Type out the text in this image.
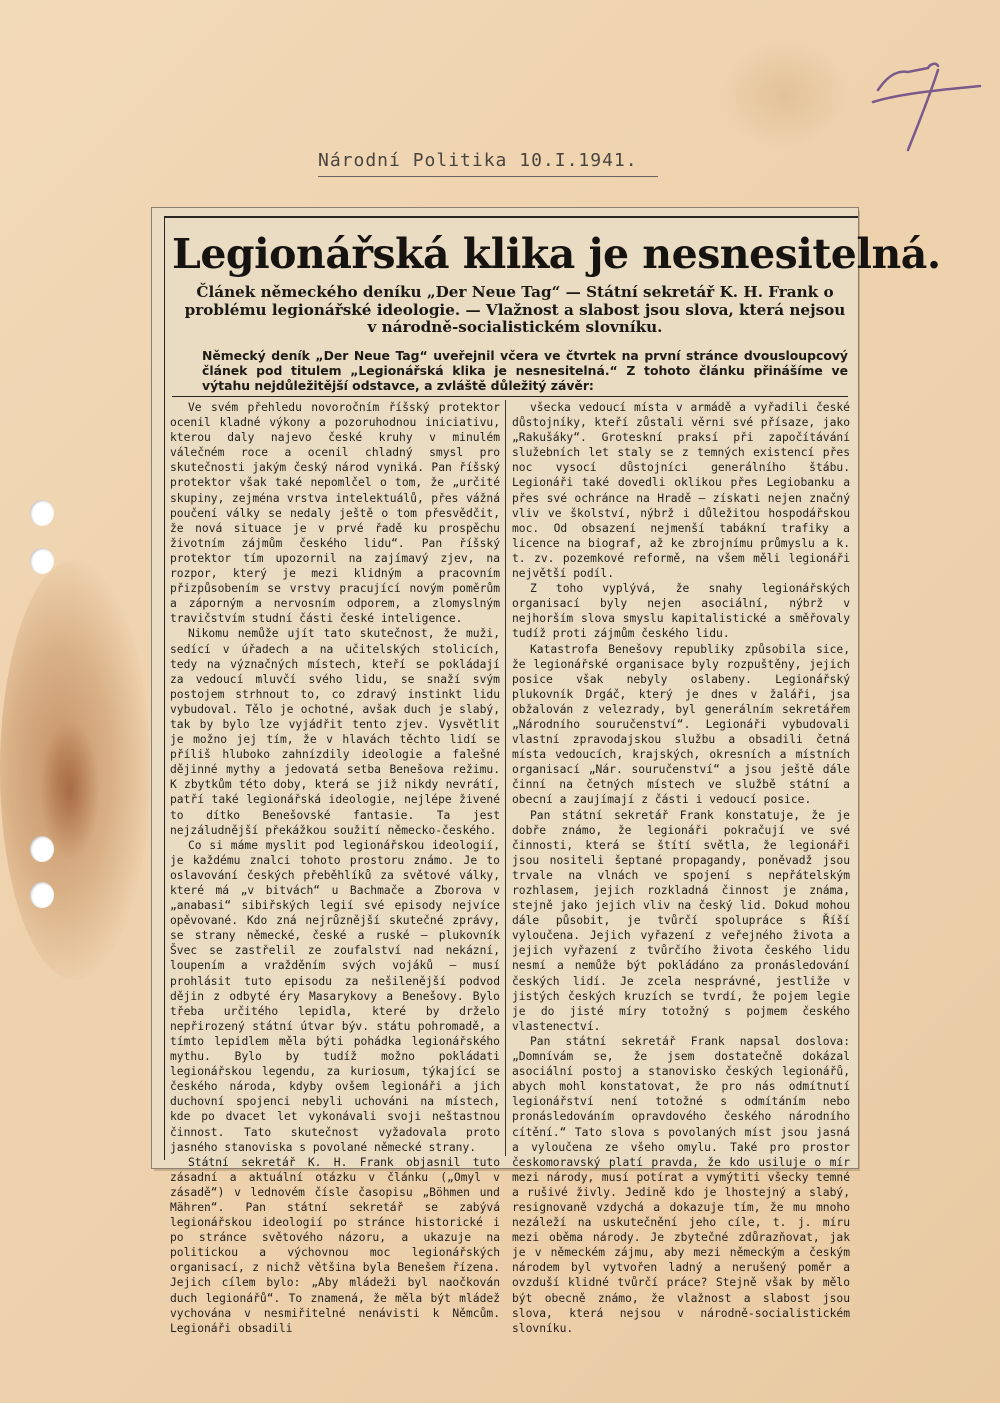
Národní Politika 10.I.1941.
Legionářská klika je nesnesitelná.
Článek německého deníku „Der Neue Tag“ — Státní sekretář K. H. Frank o problému legionářské ideologie. — Vlažnost a slabost jsou slova, která nejsou v národně-socialistickém slovníku.
Německý deník „Der Neue Tag“ uveřejnil včera ve čtvrtek na první stránce dvousloupcový článek pod titulem „Legionářská klika je nesnesitelná.“ Z tohoto článku přinášíme ve výtahu nejdůležitější odstavce, a zvláště důležitý závěr:

Ve svém přehledu novoročním říšský protektor ocenil kladné výkony a pozoruhodnou iniciativu, kterou daly najevo české kruhy v minulém válečném roce a ocenil chladný smysl pro skutečnosti jakým český národ vyniká. Pan říšský protektor však také nepomlčel o tom, že „určité skupiny, zejména vrstva intelektuálů, přes vážná poučení války se nedaly ještě o tom přesvědčit, že nová situace je v prvé řadě ku prospěchu životním zájmům českého lidu“. Pan říšský protektor tím upozornil na zajímavý zjev, na rozpor, který je mezi klidným a pracovním přizpůsobením se vrstvy pracující novým poměrům a záporným a nervosním odporem, a zlomyslným travičstvím studní části české inteligence.

Nikomu nemůže ujít tato skutečnost, že muži, sedící v úřadech a na učitelských stolicích, tedy na význačných místech, kteří se pokládají za vedoucí mluvčí svého lidu, se snaží svým postojem strhnout to, co zdravý instinkt lidu vybudoval. Tělo je ochotné, avšak duch je slabý, tak by bylo lze vyjádřit tento zjev. Vysvětlit je možno jej tím, že v hlavách těchto lidí se příliš hluboko zahnízdily ideologie a falešné dějinné mythy a jedovatá setba Benešova režimu. K zbytkům této doby, která se již nikdy nevrátí, patří také legionářská ideologie, nejlépe živené to dítko Benešovské fantasie. Ta jest nejzáludnější překážkou soužití německo-českého.

Co si máme myslit pod legionářskou ideologií, je každému znalci tohoto prostoru známo. Je to oslavování českých přeběhlíků za světové války, které má „v bitvách“ u Bachmače a Zborova v „anabasi“ sibiřských legií své episody nejvíce opěvované. Kdo zná nejrůznější skutečné zprávy, se strany německé, české a ruské — plukovník Švec se zastřelil ze zoufalství nad nekázní, loupením a vražděním svých vojáků — musí prohlásit tuto episodu za nešilenější podvod dějin z odbyté éry Masarykovy a Benešovy. Bylo třeba určitého lepidla, které by drželo nepřirozený státní útvar býv. státu pohromadě, a tímto lepidlem měla býti pohádka legionářského mythu. Bylo by tudíž možno pokládati legionářskou legendu, za kuriosum, týkající se českého národa, kdyby ovšem legionáři a jich duchovní spojenci nebyli uchováni na místech, kde po dvacet let vykonávali svoji neštastnou činnost. Tato skutečnost vyžadovala proto jasného stanoviska s povolané německé strany.

Státní sekretář K. H. Frank objasnil tuto zásadní a aktuální otázku v článku („Omyl v zásadě“) v lednovém čísle časopisu „Böhmen und Mähren“. Pan státní sekretář se zabývá legionářskou ideologií po stránce historické i po stránce světového názoru, a ukazuje na politickou a výchovnou moc legionářských organisací, z nichž většina byla Benešem řízena. Jejich cílem bylo: „Aby mládeži byl naočkován duch legionářů“. To znamená, že měla být mládež vychována v nesmiřitelné nenávisti k Němcům. Legionáři obsadili

všecka vedoucí místa v armádě a vyřadili české důstojníky, kteří zůstali věrni své přísaze, jako „Rakušáky“. Groteskní praksí při započítávání služebních let staly se z temných existencí přes noc vysocí důstojníci generálního štábu. Legionáři také dovedli oklikou přes Legiobanku a přes své ochránce na Hradě — získati nejen značný vliv ve školství, nýbrž i důležitou hospodářskou moc. Od obsazení nejmenší tabákní trafiky a licence na biograf, až ke zbrojnímu průmyslu a k. t. zv. pozemkové reformě, na všem měli legionáři největší podíl.

Z toho vyplývá, že snahy legionářských organisací byly nejen asociální, nýbrž v nejhorším slova smyslu kapitalistické a směřovaly tudíž proti zájmům českého lidu.

Katastrofa Benešovy republiky způsobila sice, že legionářské organisace byly rozpuštěny, jejich posice však nebyly oslabeny. Legionářský plukovník Drgáč, který je dnes v žaláři, jsa obžalován z velezrady, byl generálním sekretářem „Národního souručenství“. Legionáři vybudovali vlastní zpravodajskou službu a obsadili četná místa vedoucích, krajských, okresních a místních organisací „Nár. souručenství“ a jsou ještě dále činní na četných místech ve službě státní a obecní a zaujímají z části i vedoucí posice.

Pan státní sekretář Frank konstatuje, že je dobře známo, že legionáři pokračují ve své činnosti, která se štítí světla, že legionáři jsou nositeli šeptané propagandy, poněvadž jsou trvale na vlnách ve spojení s nepřátelským rozhlasem, jejich rozkladná činnost je známa, stejně jako jejich vliv na český lid. Dokud mohou dále působit, je tvůrčí spolupráce s Říší vyloučena. Jejich vyřazení z veřejného života a jejich vyřazení z tvůrčího života českého lidu nesmí a nemůže být pokládáno za pronásledování českých lidí. Je zcela nesprávné, jestliže v jistých českých kruzích se tvrdí, že pojem legie je do jisté míry totožný s pojmem českého vlastenectví.

Pan státní sekretář Frank napsal doslova: „Domnívám se, že jsem dostatečně dokázal asociální postoj a stanovisko českých legionářů, abych mohl konstatovat, že pro nás odmítnutí legionářství není totožné s odmítáním nebo pronásledováním opravdového českého národního cítění.“ Tato slova s povolaných míst jsou jasná a vyloučena ze všeho omylu. Také pro prostor českomoravský platí pravda, že kdo usiluje o mír mezi národy, musí potírat a vymýtiti všecky temné a rušivé živly. Jedině kdo je lhostejný a slabý, resignovaně vzdychá a dokazuje tím, že mu mnoho nezáleží na uskutečnění jeho cíle, t. j. míru mezi oběma národy. Je zbytečné zdůrazňovat, jak je v německém zájmu, aby mezi německým a českým národem byl vytvořen ladný a nerušený poměr a ovzduší klidné tvůrčí práce? Stejně však by mělo být obecně známo, že vlažnost a slabost jsou slova, která nejsou v národně-socialistickém slovníku.
